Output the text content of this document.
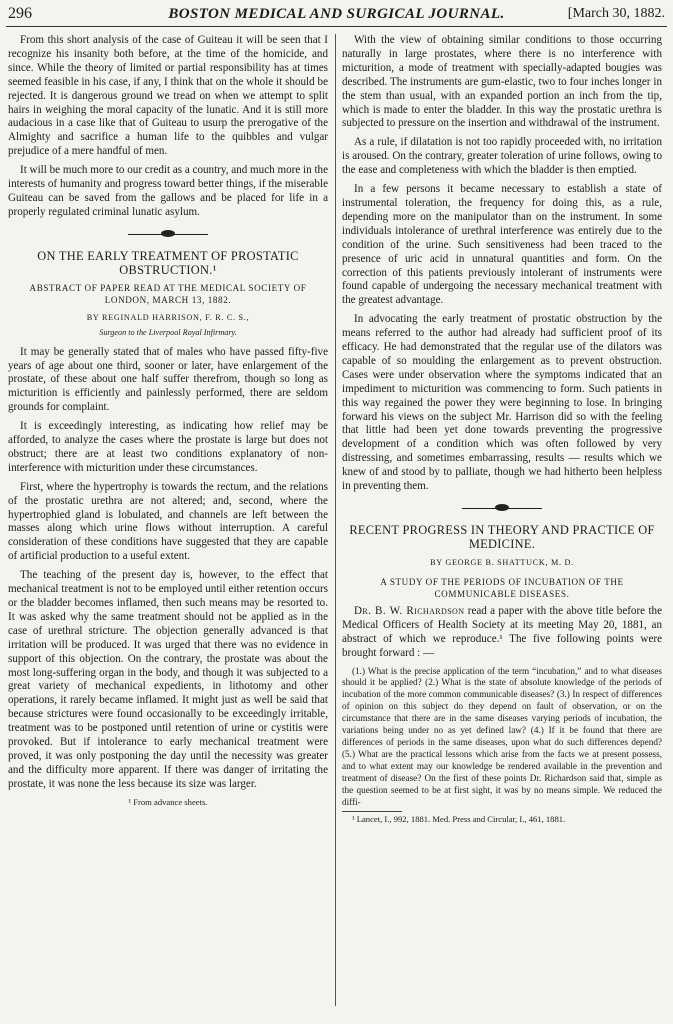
296	BOSTON MEDICAL AND SURGICAL JOURNAL.	[March 30, 1882.

From this short analysis of the case of Guiteau it will be seen that I recognize his insanity both before, at the time of the homicide, and since. While the theory of limited or partial responsibility has at times seemed feasible in his case, if any, I think that on the whole it should be rejected. It is dangerous ground we tread on when we attempt to split hairs in weighing the moral capacity of the lunatic. And it is still more audacious in a case like that of Guiteau to usurp the prerogative of the Almighty and sacrifice a human life to the quibbles and vulgar prejudice of a mere handful of men.

It will be much more to our credit as a country, and much more in the interests of humanity and progress toward better things, if the miserable Guiteau can be saved from the gallows and be placed for life in a properly regulated criminal lunatic asylum.

ON THE EARLY TREATMENT OF PROSTATIC OBSTRUCTION.¹
ABSTRACT OF PAPER READ AT THE MEDICAL SOCIETY OF LONDON, MARCH 13, 1882.
BY REGINALD HARRISON, F. R. C. S.,
Surgeon to the Liverpool Royal Infirmary.

It may be generally stated that of males who have passed fifty-five years of age about one third, sooner or later, have enlargement of the prostate, of these about one half suffer therefrom, though so long as micturition is efficiently and painlessly performed, there are seldom grounds for complaint.

It is exceedingly interesting, as indicating how relief may be afforded, to analyze the cases where the prostate is large but does not obstruct; there are at least two conditions explanatory of non-interference with micturition under these circumstances.

First, where the hypertrophy is towards the rectum, and the relations of the prostatic urethra are not altered; and, second, where the hypertrophied gland is lobulated, and channels are left between the masses along which urine flows without interruption. A careful consideration of these conditions have suggested that they are capable of artificial production to a useful extent.

The teaching of the present day is, however, to the effect that mechanical treatment is not to be employed until either retention occurs or the bladder becomes inflamed, then such means may be resorted to. It was asked why the same treatment should not be applied as in the case of urethral stricture. The objection generally advanced is that irritation will be produced. It was urged that there was no evidence in support of this objection. On the contrary, the prostate was about the most long-suffering organ in the body, and though it was subjected to a great variety of mechanical expedients, in lithotomy and other operations, it rarely became inflamed. It might just as well be said that because strictures were found occasionally to be exceedingly irritable, treatment was to be postponed until retention of urine or cystitis were provoked. But if intolerance to early mechanical treatment were proved, it was only postponing the day until the necessity was greater and the difficulty more apparent. If there was danger of irritating the prostate, it was none the less because its size was larger.

¹ From advance sheets.

With the view of obtaining similar conditions to those occurring naturally in large prostates, where there is no interference with micturition, a mode of treatment with specially-adapted bougies was described. The instruments are gum-elastic, two to four inches longer in the stem than usual, with an expanded portion an inch from the tip, which is made to enter the bladder. In this way the prostatic urethra is subjected to pressure on the insertion and withdrawal of the instrument.

As a rule, if dilatation is not too rapidly proceeded with, no irritation is aroused. On the contrary, greater toleration of urine follows, owing to the ease and completeness with which the bladder is then emptied.

In a few persons it became necessary to establish a state of instrumental toleration, the frequency for doing this, as a rule, depending more on the manipulator than on the instrument. In some individuals intolerance of urethral interference was entirely due to the condition of the urine. Such sensitiveness had been traced to the presence of uric acid in unnatural quantities and form. On the correction of this patients previously intolerant of instruments were found capable of undergoing the necessary mechanical treatment with the greatest advantage.

In advocating the early treatment of prostatic obstruction by the means referred to the author had already had sufficient proof of its efficacy. He had demonstrated that the regular use of the dilators was capable of so moulding the enlargement as to prevent obstruction. Cases were under observation where the symptoms indicated that an impediment to micturition was commencing to form. Such patients in this way regained the power they were beginning to lose. In bringing forward his views on the subject Mr. Harrison did so with the feeling that little had been yet done towards preventing the progressive development of a condition which was often followed by very distressing, and sometimes embarrassing, results — results which we knew of and stood by to palliate, though we had hitherto been helpless in preventing them.

RECENT PROGRESS IN THEORY AND PRACTICE OF MEDICINE.
BY GEORGE B. SHATTUCK, M. D.
A STUDY OF THE PERIODS OF INCUBATION OF THE COMMUNICABLE DISEASES.

Dr. B. W. Richardson read a paper with the above title before the Medical Officers of Health Society at its meeting May 20, 1881, an abstract of which we reproduce.¹ The five following points were brought forward : —

(1.) What is the precise application of the term “incubation,” and to what diseases should it be applied? (2.) What is the state of absolute knowledge of the periods of incubation of the more common communicable diseases? (3.) In respect of differences of opinion on this subject do they depend on fault of observation, or on the circumstance that there are in the same diseases varying periods of incubation, the variations being under no as yet defined law? (4.) If it be found that there are differences of periods in the same diseases, upon what do such differences depend? (5.) What are the practical lessons which arise from the facts we at present possess, and to what extent may our knowledge be rendered available in the prevention and treatment of disease? On the first of these points Dr. Richardson said that, simple as the question seemed to be at first sight, it was by no means simple. We reduced the diffi-
¹ Lancet, I., 992, 1881. Med. Press and Circular, I., 461, 1881.
